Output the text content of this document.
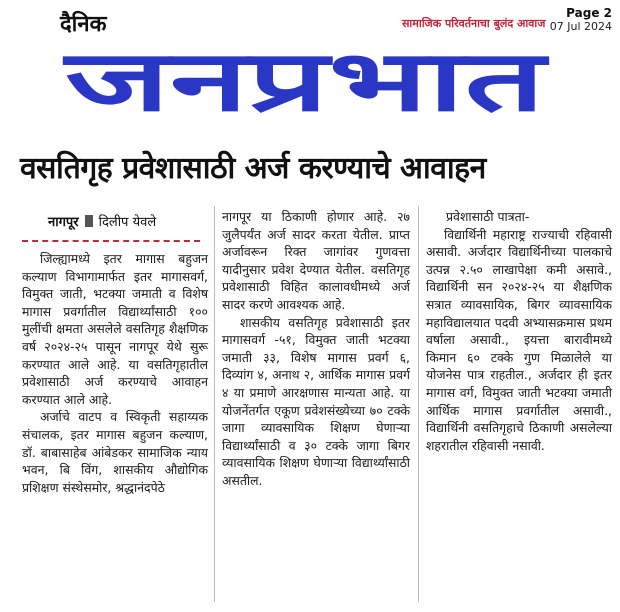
दैनिक	सामाजिक परिवर्तनाचा बुलंद आवाज
Page 2
07 Jul 2024
जनप्रभात
वसतिगृह प्रवेशासाठी अर्ज करण्याचे आवाहन
नागपूर दिलीप येवले

जिल्ह्यामध्ये इतर मागास बहुजन कल्याण विभागामार्फत इतर मागासवर्ग, विमुक्त जाती, भटक्या जमाती व विशेष मागास प्रवर्गातील विद्यार्थ्यांसाठी १०० मुलींची क्षमता असलेले वसतिगृह शैक्षणिक वर्ष २०२४-२५ पासून नागपूर येथे सुरू करण्यात आले आहे. या वसतिगृहातील प्रवेशासाठी अर्ज करण्याचे आवाहन करण्यात आले आहे.

अर्जाचे वाटप व स्विकृती सहाय्यक संचालक, इतर मागास बहुजन कल्याण, डॉ. बाबासाहेब आंबेडकर सामाजिक न्याय भवन, बि विंग, शासकीय औद्योगिक प्रशिक्षण संस्थेसमोर, श्रद्धानंदपेठे

नागपूर या ठिकाणी होणार आहे. २७ जुलैपर्यंत अर्ज सादर करता येतील. प्राप्त अर्जावरून रिक्त जागांवर गुणवत्ता यादीनुसार प्रवेश देण्यात येतील. वसतिगृह प्रवेशासाठी विहित कालावधीमध्ये अर्ज सादर करणे आवश्यक आहे.

शासकीय वसतिगृह प्रवेशासाठी इतर मागासवर्ग -५१, विमुक्त जाती भटक्या जमाती ३३, विशेष मागास प्रवर्ग ६, दिव्यांग ४, अनाथ २, आर्थिक मागास प्रवर्ग ४ या प्रमाणे आरक्षणास मान्यता आहे. या योजनेंतर्गत एकूण प्रवेशसंख्येच्या ७० टक्के जागा व्यावसायिक शिक्षण घेणाऱ्या विद्यार्थ्यांसाठी व ३० टक्के जागा बिगर व्यावसायिक शिक्षण घेणाऱ्या विद्यार्थ्यांसाठी असतील.

प्रवेशासाठी पात्रता-

विद्यार्थिनी महाराष्ट्र राज्याची रहिवासी असावी. अर्जदार विद्यार्थिनीच्या पालकाचे उत्पन्न २.५० लाखापेक्षा कमी असावे., विद्यार्थिनी सन २०२४-२५ या शैक्षणिक सत्रात व्यावसायिक, बिगर व्यावसायिक महाविद्यालयात पदवी अभ्यासक्रमास प्रथम वर्षाला असावी., इयत्ता बारावीमध्ये किमान ६० टक्के गुण मिळालेले या योजनेस पात्र राहतील., अर्जदार ही इतर मागास वर्ग, विमुक्त जाती भटक्या जमाती आर्थिक मागास प्रवर्गातील असावी., विद्यार्थिनी वसतिगृहाचे ठिकाणी असलेल्या शहरातील रहिवासी नसावी.
